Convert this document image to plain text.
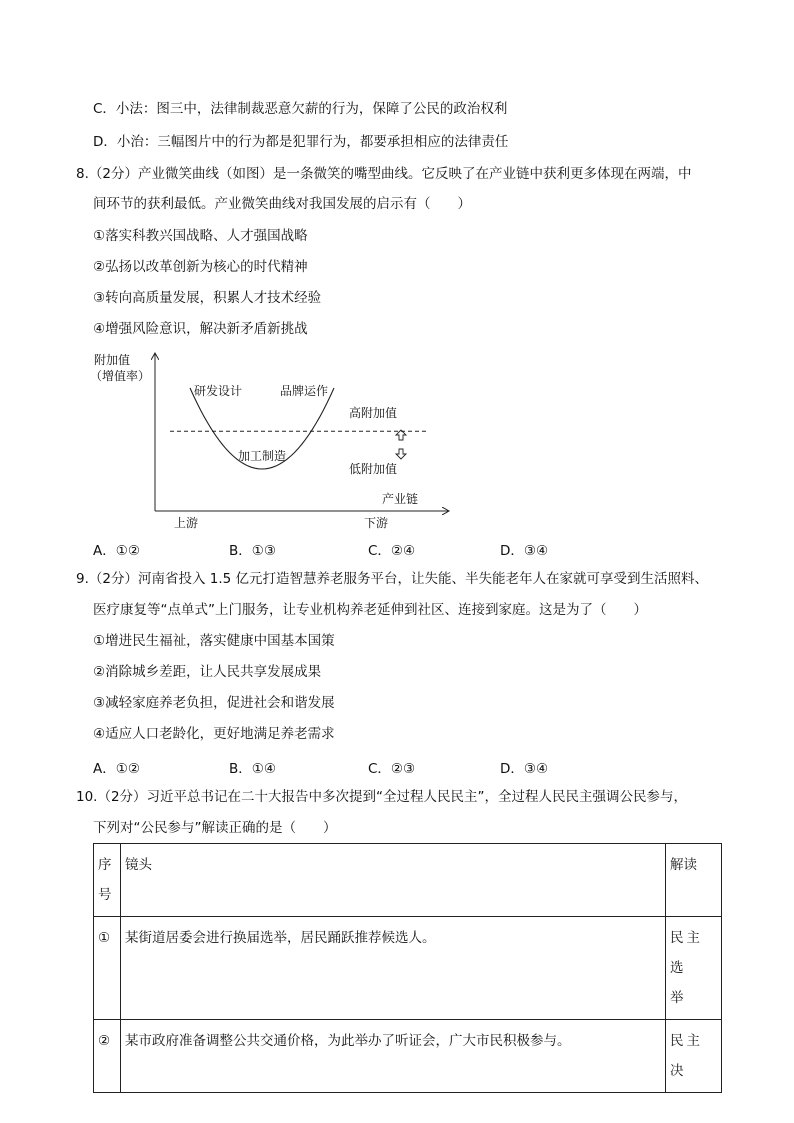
C．小法：图三中，法律制裁恶意欠薪的行为，保障了公民的政治权利
D．小治：三幅图片中的行为都是犯罪行为，都要承担相应的法律责任
8.（2分）产业微笑曲线（如图）是一条微笑的嘴型曲线。它反映了在产业链中获利更多体现在两端，中
间环节的获利最低。产业微笑曲线对我国发展的启示有（　　）
①落实科教兴国战略、人才强国战略
②弘扬以改革创新为核心的时代精神
③转向高质量发展，积累人才技术经验
④增强风险意识，解决新矛盾新挑战
附加值
（增值率）
研发设计	品牌运作
加工制造
高附加值
低附加值
产业链
上游	下游
A．①②	B．①③	C．②④	D．③④
9.（2分）河南省投入 1.5 亿元打造智慧养老服务平台，让失能、半失能老年人在家就可享受到生活照料、
医疗康复等“点单式”上门服务，让专业机构养老延伸到社区、连接到家庭。这是为了（　　）
①增进民生福祉，落实健康中国基本国策
②消除城乡差距，让人民共享发展成果
③减轻家庭养老负担，促进社会和谐发展
④适应人口老龄化，更好地满足养老需求
A．①②	B．①④	C．②③	D．③④
10.（2分）习近平总书记在二十大报告中多次提到“全过程人民民主”，全过程人民民主强调公民参与，
下列对“公民参与”解读正确的是（　　）
序
号	镜头	解读
①	某街道居委会进行换届选举，居民踊跃推荐候选人。	民主选
举
②	某市政府准备调整公共交通价格，为此举办了听证会，广大市民积极参与。	民主决
